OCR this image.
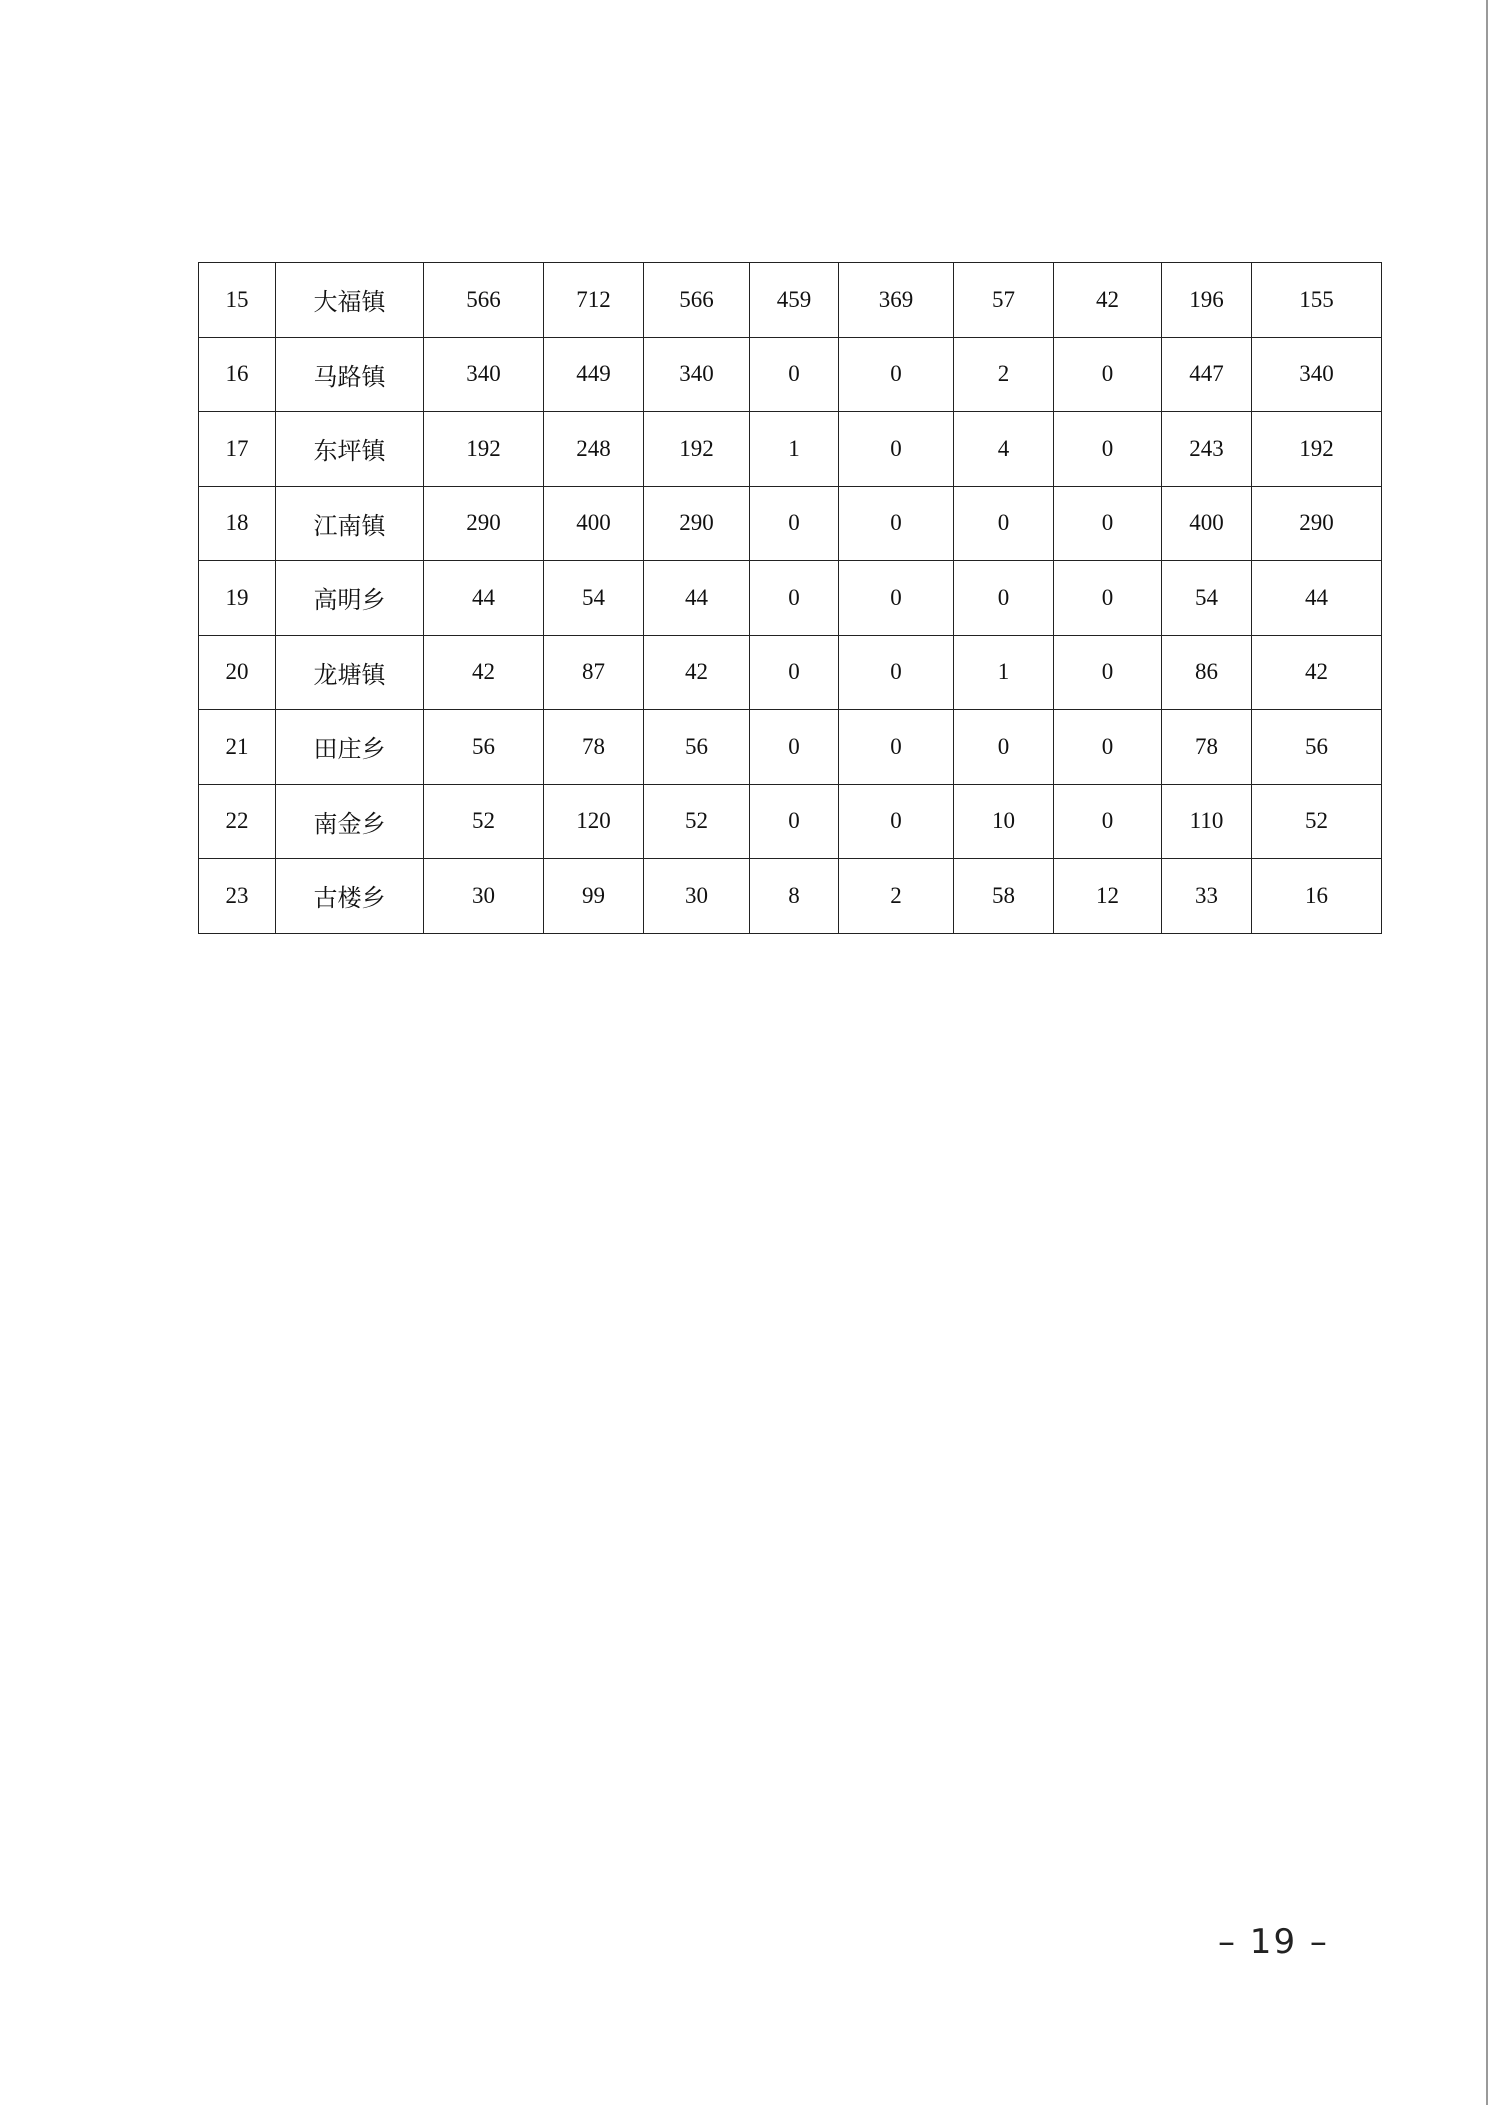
15	大福镇	566	712	566	459	369	57	42	196	155
16	马路镇	340	449	340	0	0	2	0	447	340
17	东坪镇	192	248	192	1	0	4	0	243	192
18	江南镇	290	400	290	0	0	0	0	400	290
19	高明乡	44	54	44	0	0	0	0	54	44
20	龙塘镇	42	87	42	0	0	1	0	86	42
21	田庄乡	56	78	56	0	0	0	0	78	56
22	南金乡	52	120	52	0	0	10	0	110	52
23	古楼乡	30	99	30	8	2	58	12	33	16
– 19 –
